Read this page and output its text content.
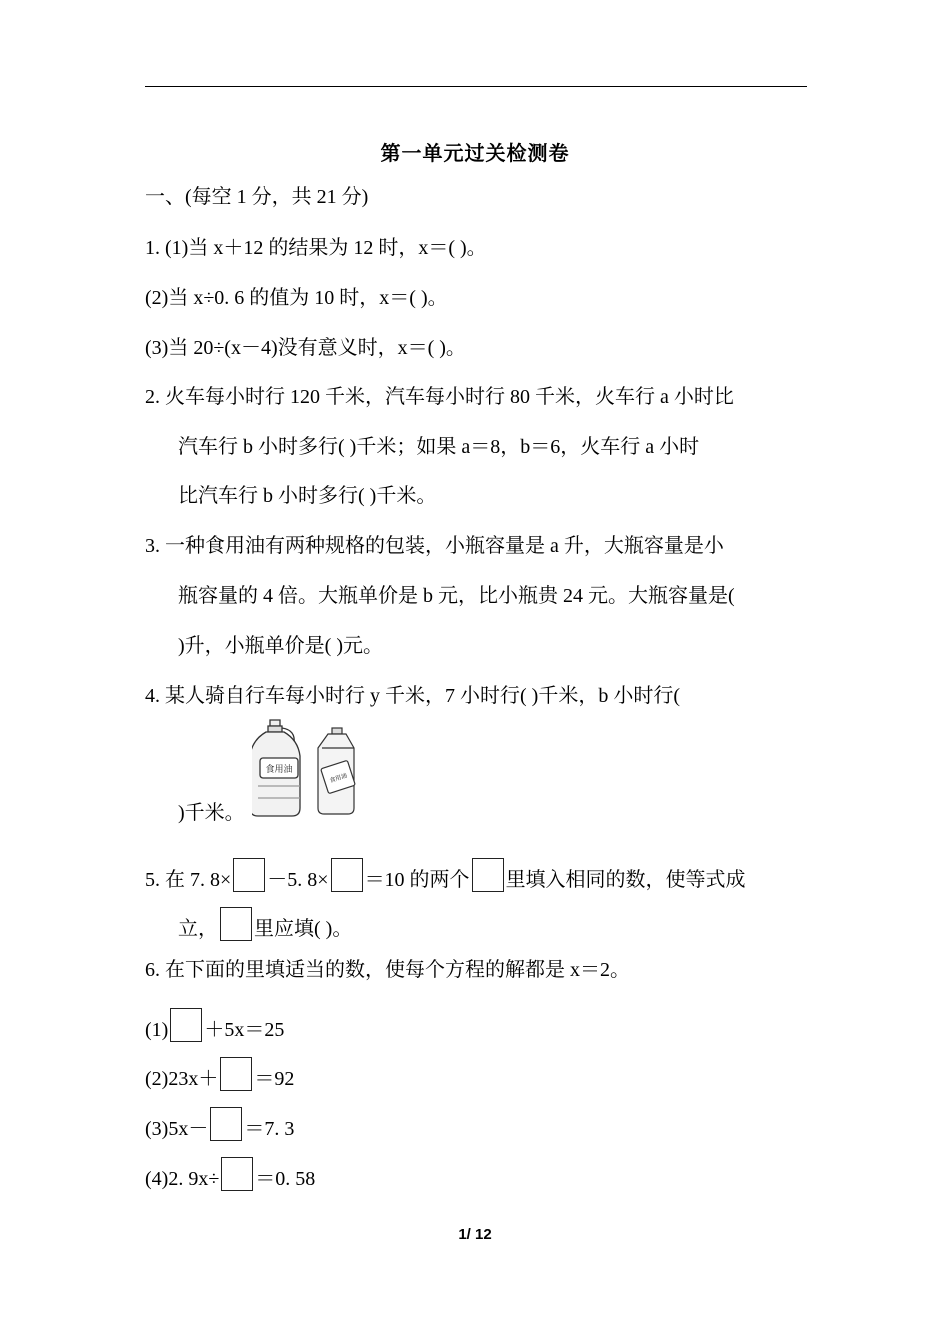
第一单元过关检测卷
一、(每空 1 分，共 21 分)
1. (1)当 x＋12 的结果为 12 时，x＝( )。
(2)当 x÷0. 6 的值为 10 时，x＝( )。
(3)当 20÷(x－4)没有意义时，x＝( )。
2. 火车每小时行 120 千米，汽车每小时行 80 千米，火车行 a 小时比
汽车行 b 小时多行( )千米；如果 a＝8，b＝6，火车行 a 小时
比汽车行 b 小时多行( )千米。
3. 一种食用油有两种规格的包装，小瓶容量是 a 升，大瓶容量是小
瓶容量的 4 倍。大瓶单价是 b 元，比小瓶贵 24 元。大瓶容量是(
)升，小瓶单价是( )元。
4. 某人骑自行车每小时行 y 千米，7 小时行( )千米，b 小时行(
食用油
食用油
)千米。
5. 在 7. 8× －5. 8× ＝10 的两个 里填入相同的数，使等式成
立， 里应填( )。
6. 在下面的里填适当的数，使每个方程的解都是 x＝2。
(1) ＋5x＝25
(2)23x＋ ＝92
(3)5x－ ＝7. 3
(4)2. 9x÷ ＝0. 58
1/ 12
